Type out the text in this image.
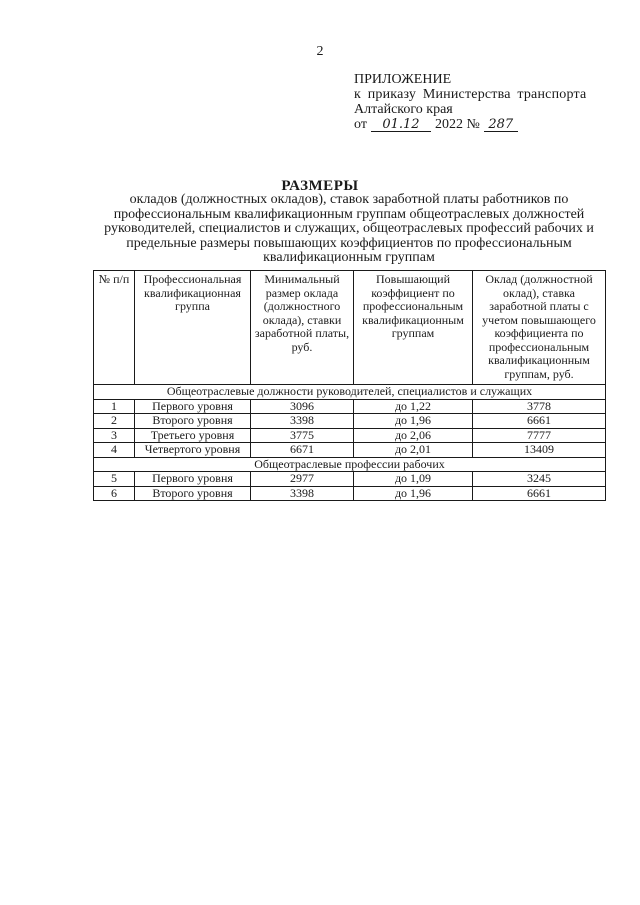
2
ПРИЛОЖЕНИЕ
к приказу Министерства транспорта
Алтайского края
от 01.12 2022 № 287
РАЗМЕРЫ
окладов (должностных окладов), ставок заработной платы работников по профессиональным квалификационным группам общеотраслевых должностей руководителей, специалистов и служащих, общеотраслевых профессий рабочих и предельные размеры повышающих коэффициентов по профессиональным квалификационным группам
№ п/п	Профессиональная квалификационная группа	Минимальный размер оклада (должностного оклада), ставки заработной платы, руб.	Повышающий коэффициент по профессиональным квалификационным группам	Оклад (должностной оклад), ставка заработной платы с учетом повышающего коэффициента по профессиональным квалификационным группам, руб.
Общеотраслевые должности руководителей, специалистов и служащих				
1	Первого уровня	3096	до 1,22	3778
2	Второго уровня	3398	до 1,96	6661
3	Третьего уровня	3775	до 2,06	7777
4	Четвертого уровня	6671	до 2,01	13409
Общеотраслевые профессии рабочих				
5	Первого уровня	2977	до 1,09	3245
6	Второго уровня	3398	до 1,96	6661
